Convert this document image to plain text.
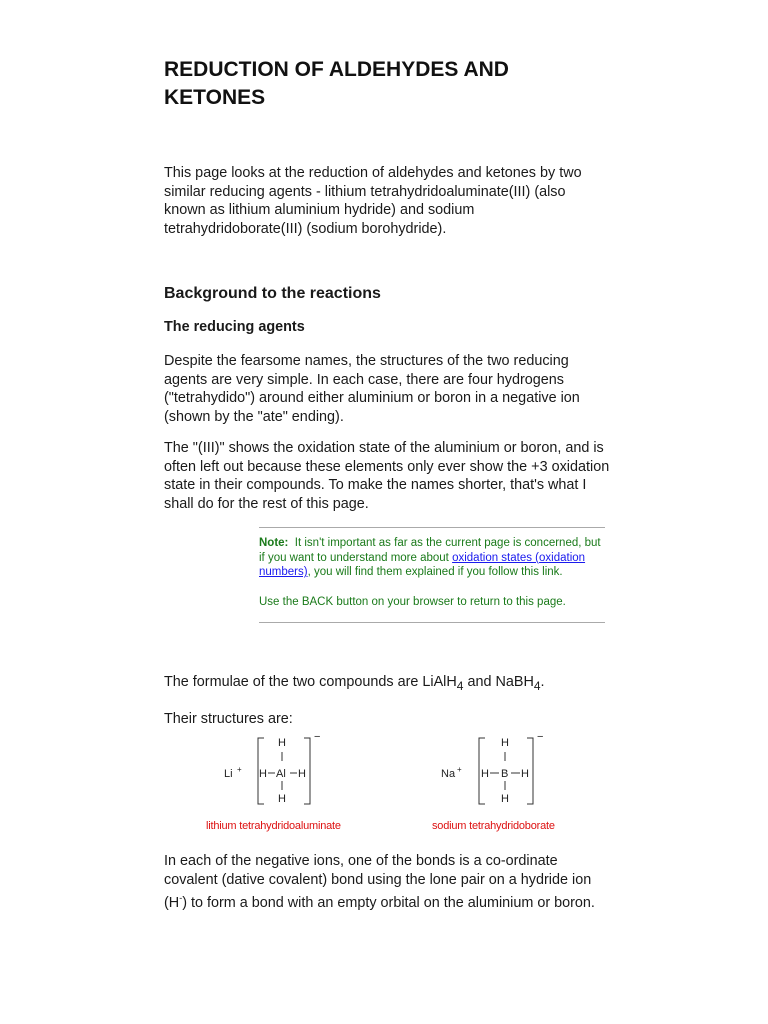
REDUCTION OF ALDEHYDES AND KETONES

This page looks at the reduction of aldehydes and ketones by two similar reducing agents - lithium tetrahydridoaluminate(III) (also known as lithium aluminium hydride) and sodium tetrahydridoborate(III) (sodium borohydride).

Background to the reactions
The reducing agents

Despite the fearsome names, the structures of the two reducing agents are very simple. In each case, there are four hydrogens ("tetrahydido") around either aluminium or boron in a negative ion (shown by the "ate" ending).

The "(III)" shows the oxidation state of the aluminium or boron, and is often left out because these elements only ever show the +3 oxidation state in their compounds. To make the names shorter, that's what I shall do for the rest of this page.

Note: It isn't important as far as the current page is concerned, but if you want to understand more about oxidation states (oxidation numbers), you will find them explained if you follow this link.
Use the BACK button on your browser to return to this page.

The formulae of the two compounds are LiAlH$_4$ and NaBH$_4$.

Their structures are:

Li +
−
H
H Al H
H
lithium tetrahydridoaluminate
Na +
−
H
H B H
H
sodium tetrahydridoborate

In each of the negative ions, one of the bonds is a co-ordinate covalent (dative covalent) bond using the lone pair on a hydride ion (H-) to form a bond with an empty orbital on the aluminium or boron.
